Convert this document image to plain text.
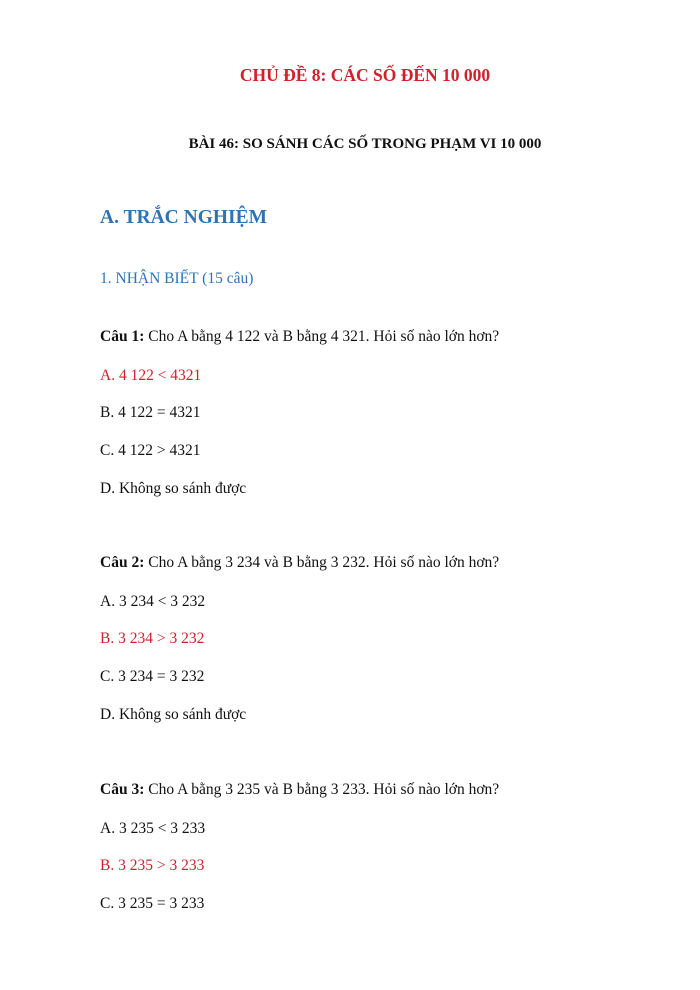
CHỦ ĐỀ 8: CÁC SỐ ĐẾN 10 000
BÀI 46: SO SÁNH CÁC SỐ TRONG PHẠM VI 10 000
A. TRẮC NGHIỆM
1. NHẬN BIẾT (15 câu)
Câu 1: Cho A bằng 4 122 và B bằng 4 321. Hỏi số nào lớn hơn?
A. 4 122 < 4321
B. 4 122 = 4321
C. 4 122 > 4321
D. Không so sánh được
Câu 2: Cho A bằng 3 234 và B bằng 3 232. Hỏi số nào lớn hơn?
A. 3 234 < 3 232
B. 3 234 > 3 232
C. 3 234 = 3 232
D. Không so sánh được
Câu 3: Cho A bằng 3 235 và B bằng 3 233. Hỏi số nào lớn hơn?
A. 3 235 < 3 233
B. 3 235 > 3 233
C. 3 235 = 3 233
